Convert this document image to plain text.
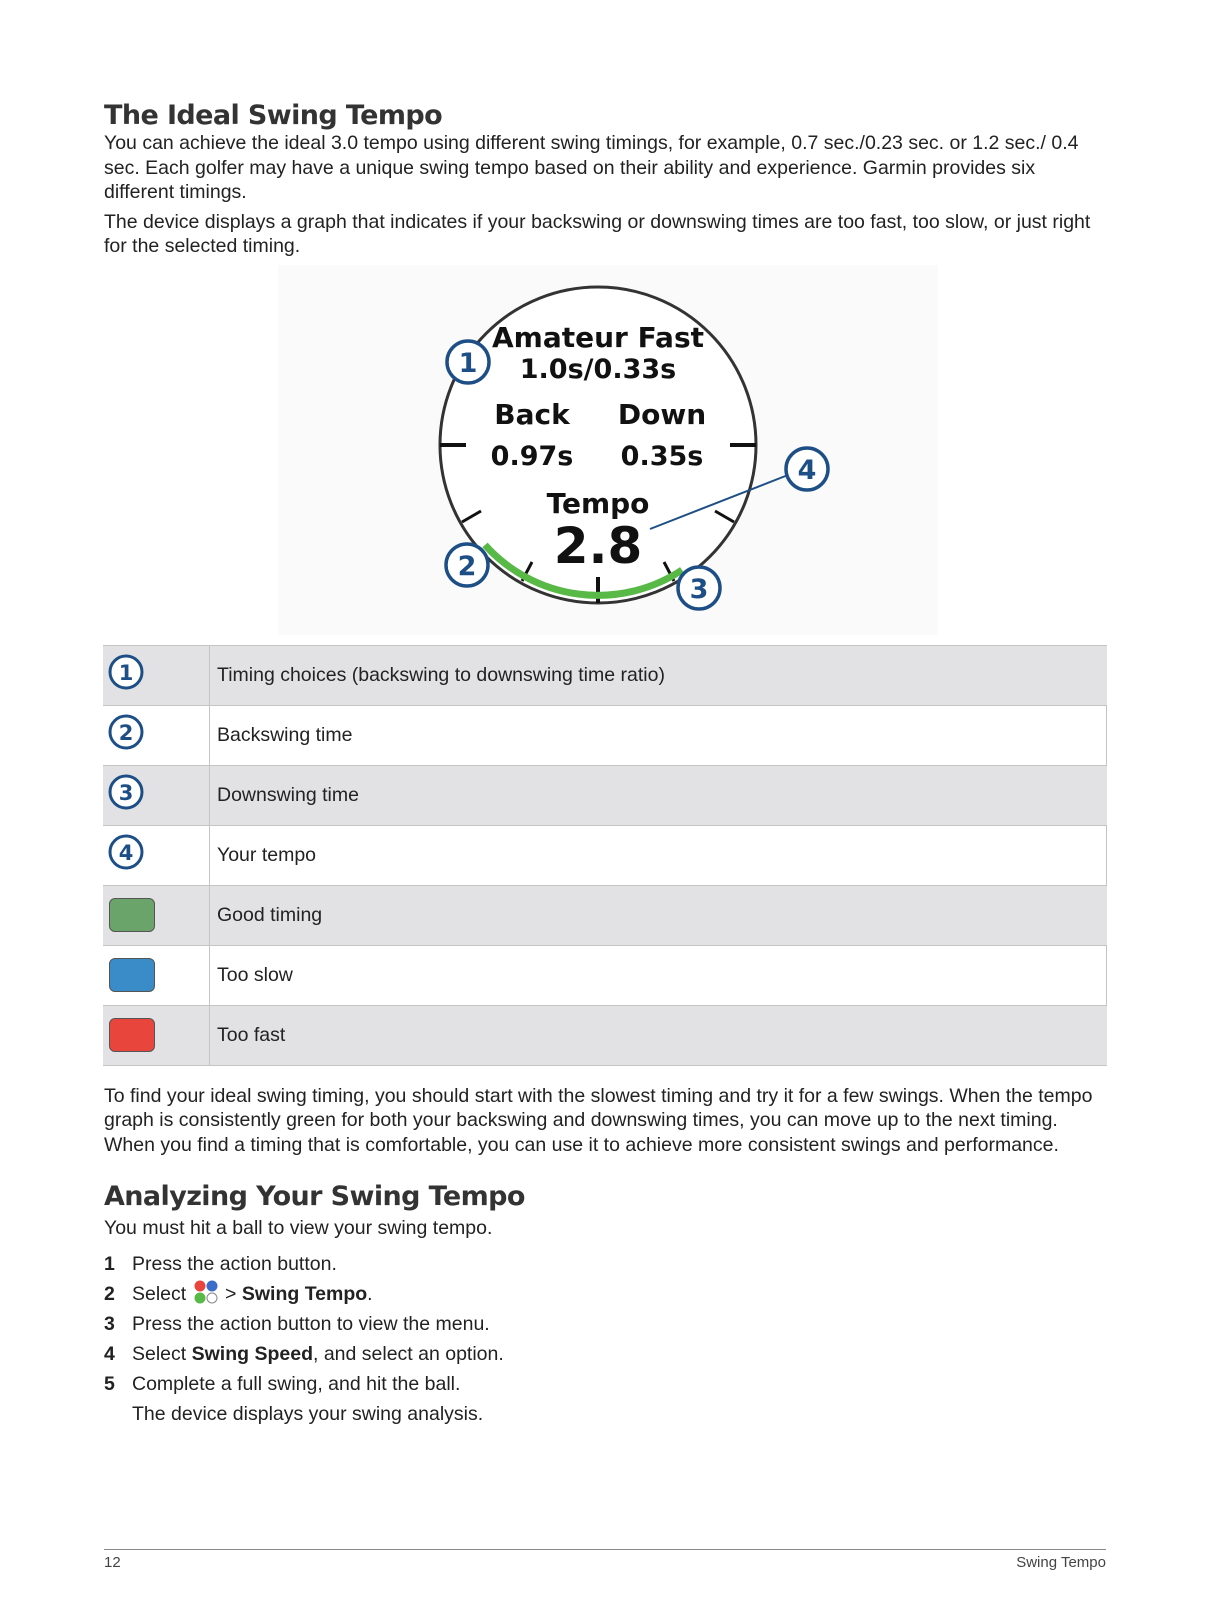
The Ideal Swing Tempo

You can achieve the ideal 3.0 tempo using different swing timings, for example, 0.7 sec./0.23 sec. or 1.2 sec./ 0.4 sec. Each golfer may have a unique swing tempo based on their ability and experience. Garmin provides six different timings.

The device displays a graph that indicates if your backswing or downswing times are too fast, too slow, or just right for the selected timing.

Amateur Fast
1.0s/0.33s
Back Down
0.97s 0.35s
Tempo
2.8
1
2
3
4
1	Timing choices (backswing to downswing time ratio)

2	Backswing time

3	Downswing time

4	Your tempo

	Good timing

	Too slow

	Too fast

To find your ideal swing timing, you should start with the slowest timing and try it for a few swings. When the tempo graph is consistently green for both your backswing and downswing times, you can move up to the next timing. When you find a timing that is comfortable, you can use it to achieve more consistent swings and performance.

Analyzing Your Swing Tempo

You must hit a ball to view your swing tempo.

1 Press the action button.
2 Select > Swing Tempo.
3 Press the action button to view the menu.
4 Select Swing Speed, and select an option.
5 Complete a full swing, and hit the ball.
The device displays your swing analysis.
12	Swing Tempo
